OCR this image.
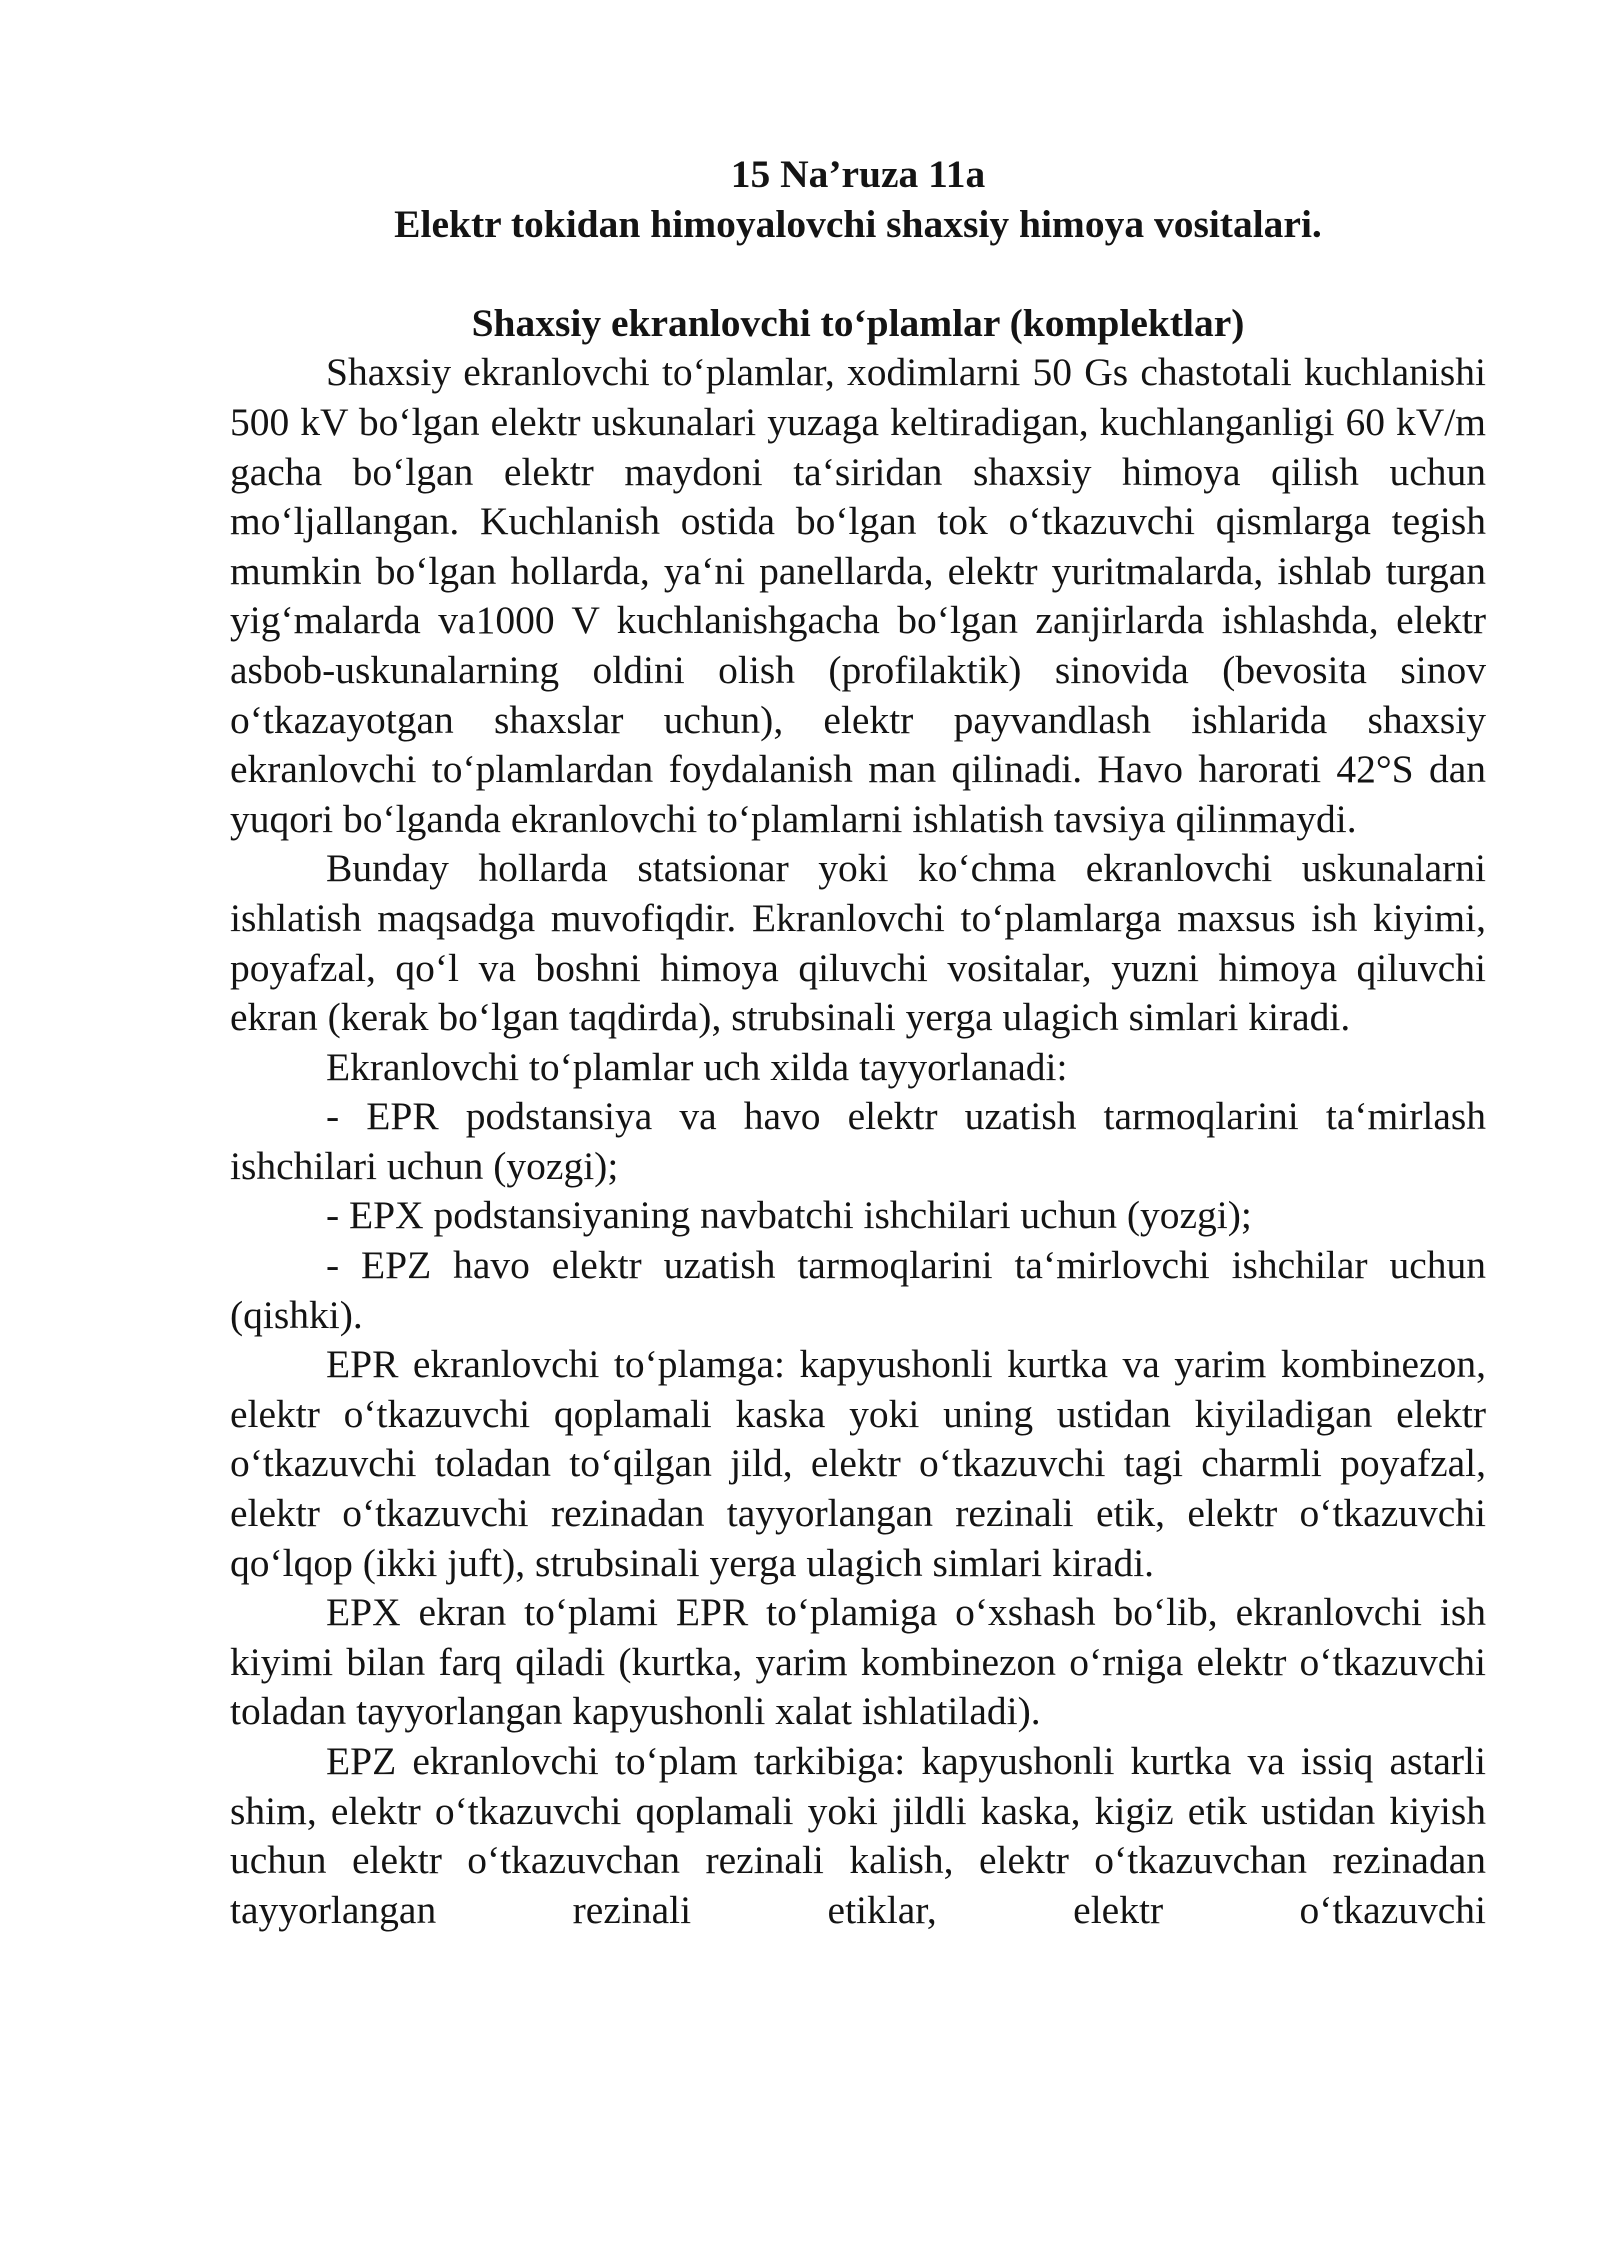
15 Na’ruza 11a

Elektr tokidan himoyalovchi shaxsiy himoya vositalari.

Shaxsiy ekranlovchi to‘plamlar (komplektlar)

Shaxsiy ekranlovchi to‘plamlar, xodimlarni 50 Gs chastotali kuchlanishi 500 kV bo‘lgan elektr uskunalari yuzaga keltiradigan, kuchlanganligi 60 kV/m gacha bo‘lgan elektr maydoni ta‘siridan shaxsiy himoya qilish uchun mo‘ljallangan. Kuchlanish ostida bo‘lgan tok o‘tkazuvchi qismlarga tegish mumkin bo‘lgan hollarda, ya‘ni panellarda, elektr yuritmalarda, ishlab turgan yig‘malarda va1000 V kuchlanishgacha bo‘lgan zanjirlarda ishlashda, elektr asbob-uskunalarning oldini olish (profilaktik) sinovida (bevosita sinov o‘tkazayotgan shaxslar uchun), elektr payvandlash ishlarida shaxsiy ekranlovchi to‘plamlardan foydalanish man qilinadi. Havo harorati 42°S dan yuqori bo‘lganda ekranlovchi to‘plamlarni ishlatish tavsiya qilinmaydi.

Bunday hollarda statsionar yoki ko‘chma ekranlovchi uskunalarni ishlatish maqsadga muvofiqdir. Ekranlovchi to‘plamlarga maxsus ish kiyimi, poyafzal, qo‘l va boshni himoya qiluvchi vositalar, yuzni himoya qiluvchi ekran (kerak bo‘lgan taqdirda), strubsinali yerga ulagich simlari kiradi.

Ekranlovchi to‘plamlar uch xilda tayyorlanadi:

- EPR podstansiya va havo elektr uzatish tarmoqlarini ta‘mirlash ishchilari uchun (yozgi);

- EPX podstansiyaning navbatchi ishchilari uchun (yozgi);

- EPZ havo elektr uzatish tarmoqlarini ta‘mirlovchi ishchilar uchun (qishki).

EPR ekranlovchi to‘plamga: kapyushonli kurtka va yarim kombinezon, elektr o‘tkazuvchi qoplamali kaska yoki uning ustidan kiyiladigan elektr o‘tkazuvchi toladan to‘qilgan jild, elektr o‘tkazuvchi tagi charmli poyafzal, elektr o‘tkazuvchi rezinadan tayyorlangan rezinali etik, elektr o‘tkazuvchi qo‘lqop (ikki juft), strubsinali yerga ulagich simlari kiradi.

EPX ekran to‘plami EPR to‘plamiga o‘xshash bo‘lib, ekranlovchi ish kiyimi bilan farq qiladi (kurtka, yarim kombinezon o‘rniga elektr o‘tkazuvchi toladan tayyorlangan kapyushonli xalat ishlatiladi).

EPZ ekranlovchi to‘plam tarkibiga: kapyushonli kurtka va issiq astarli shim, elektr o‘tkazuvchi qoplamali yoki jildli kaska, kigiz etik ustidan kiyish uchun elektr o‘tkazuvchan rezinali kalish, elektr o‘tkazuvchan rezinadan tayyorlangan rezinali etiklar, elektr o‘tkazuvchi
